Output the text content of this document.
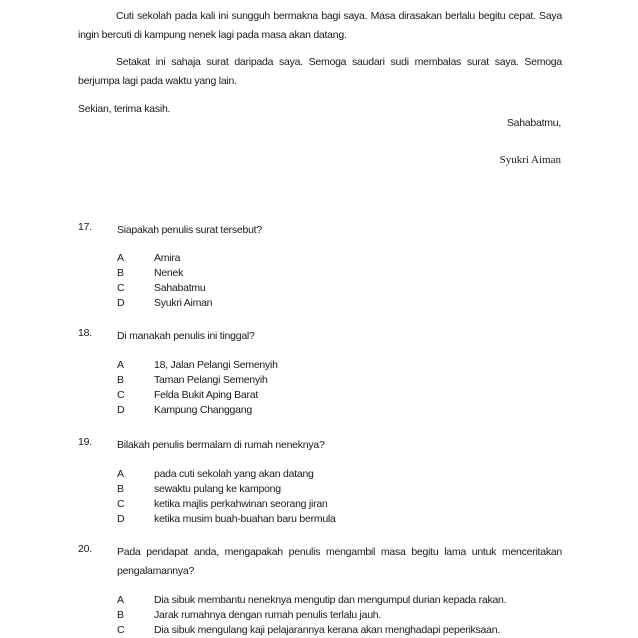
Cuti sekolah pada kali ini sungguh bermakna bagi saya. Masa dirasakan berlalu begitu cepat. Saya ingin bercuti di kampung nenek lagi pada masa akan datang.

Setakat ini sahaja surat daripada saya. Semoga saudari sudi membalas surat saya. Semoga berjumpa lagi pada waktu yang lain.

Sekian, terima kasih.
Sahabatmu,
Syukri Aiman
17. Siapakah penulis surat tersebut?
A	Amira
B	Nenek
C	Sahabatmu
D	Syukri Aiman
18. Di manakah penulis ini tinggal?
A	18, Jalan Pelangi Semenyih
B	Taman Pelangi Semenyih
C	Felda Bukit Aping Barat
D	Kampung Changgang
19. Bilakah penulis bermalam di rumah neneknya?
A	pada cuti sekolah yang akan datang
B	sewaktu pulang ke kampong
C	ketika majlis perkahwinan seorang jiran
D	ketika musim buah-buahan baru bermula
20. Pada pendapat anda, mengapakah penulis mengambil masa begitu lama untuk menceritakan pengalamannya?
A	Dia sibuk membantu neneknya mengutip dan mengumpul durian kepada rakan.
B	Jarak rumahnya dengan rumah penulis terlalu jauh.
C	Dia sibuk mengulang kaji pelajarannya kerana akan menghadapi peperiksaan.
